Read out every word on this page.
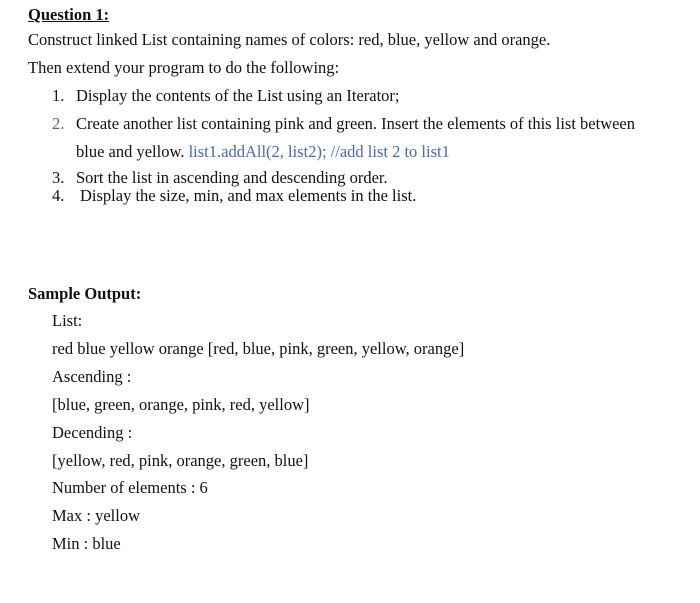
Question 1:
Construct linked List containing names of colors: red, blue, yellow and orange.
Then extend your program to do the following:
1. Display the contents of the List using an Iterator;
2. Create another list containing pink and green. Insert the elements of this list between
blue and yellow. list1.addAll(2, list2); //add list 2 to list1
3. Sort the list in ascending and descending order.
4. Display the size, min, and max elements in the list.
Sample Output:
List:
red blue yellow orange [red, blue, pink, green, yellow, orange]
Ascending :
[blue, green, orange, pink, red, yellow]
Decending :
[yellow, red, pink, orange, green, blue]
Number of elements : 6
Max : yellow
Min : blue
